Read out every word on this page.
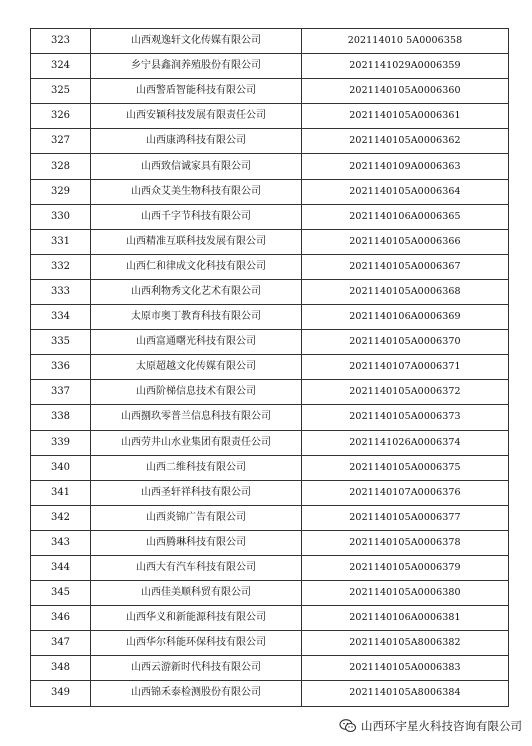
323	山西观逸轩文化传媒有限公司	202114010 5A0006358
324	乡宁县鑫润养殖股份有限公司	2021141029A0006359
325	山西警盾智能科技有限公司	2021140105A0006360
326	山西安颖科技发展有限责任公司	2021140105A0006361
327	山西康鸿科技有限公司	2021140105A0006362
328	山西致信诚家具有限公司	2021140109A0006363
329	山西众艾美生物科技有限公司	2021140105A0006364
330	山西千字节科技有限公司	2021140106A0006365
331	山西精准互联科技发展有限公司	2021140105A0006366
332	山西仁和律成文化科技有限公司	2021140105A0006367
333	山西利物秀文化艺术有限公司	2021140105A0006368
334	太原市奥丁教育科技有限公司	2021140106A0006369
335	山西富通曙光科技有限公司	2021140105A0006370
336	太原超越文化传媒有限公司	2021140107A0006371
337	山西阶梯信息技术有限公司	2021140105A0006372
338	山西捌玖零普兰信息科技有限公司	2021140105A0006373
339	山西劳井山水业集团有限责任公司	2021141026A0006374
340	山西二维科技有限公司	2021140105A0006375
341	山西圣轩祥科技有限公司	2021140107A0006376
342	山西炎锦广告有限公司	2021140105A0006377
343	山西腾琳科技有限公司	2021140105A0006378
344	山西大有汽车科技有限公司	2021140105A0006379
345	山西佳美顺科贸有限公司	2021140105A0006380
346	山西华义和新能源科技有限公司	2021140106A0006381
347	山西华尔科能环保科技有限公司	2021140105A8006382
348	山西云游新时代科技有限公司	2021140105A0006383
349	山西锦禾泰检测股份有限公司	2021140105A8006384
山西环宇星火科技咨询有限公司
